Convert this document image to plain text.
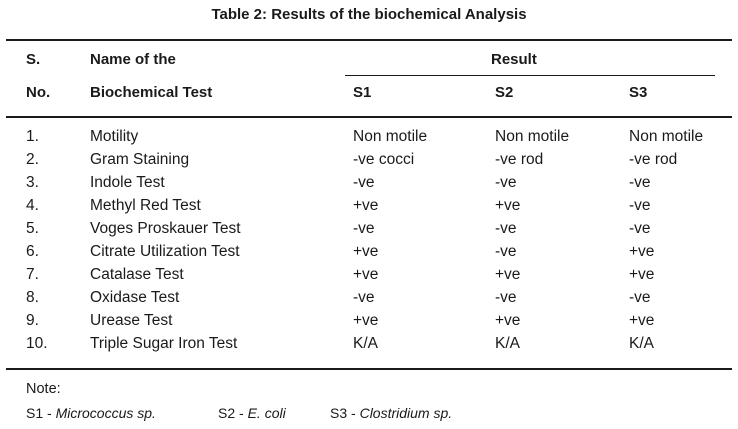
Table 2: Results of the biochemical Analysis
S.
No.
Name of the
Biochemical Test
Result
S1	S2	S3
1.	Motility	Non motile	Non motile	Non motile
2.	Gram Staining	-ve cocci	-ve rod	-ve rod
3.	Indole Test	-ve	-ve	-ve
4.	Methyl Red Test	+ve	+ve	-ve
5.	Voges Proskauer Test	-ve	-ve	-ve
6.	Citrate Utilization Test	+ve	-ve	+ve
7.	Catalase Test	+ve	+ve	+ve
8.	Oxidase Test	-ve	-ve	-ve
9.	Urease Test	+ve	+ve	+ve
10.	Triple Sugar Iron Test	K/A	K/A	K/A
Note:
S1 - Micrococcus sp.	S2 - E. coli	S3 - Clostridium sp.
